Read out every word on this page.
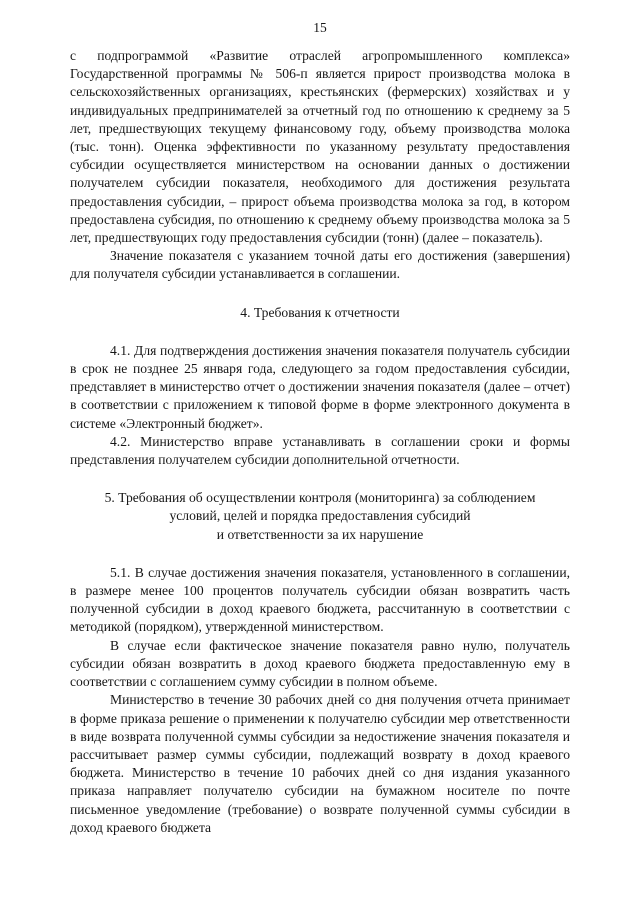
15

с подпрограммой «Развитие отраслей агропромышленного комплекса» Государственной программы № 506-п является прирост производства молока в сельскохозяйственных организациях, крестьянских (фермерских) хозяйствах и у индивидуальных предпринимателей за отчетный год по отношению к среднему за 5 лет, предшествующих текущему финансовому году, объему производства молока (тыс. тонн). Оценка эффективности по указанному результату предоставления субсидии осуществляется министерством на основании данных о достижении получателем субсидии показателя, необходимого для достижения результата предоставления субсидии, – прирост объема производства молока за год, в котором предоставлена субсидия, по отношению к среднему объему производства молока за 5 лет, предшествующих году предоставления субсидии (тонн) (далее – показатель).

Значение показателя с указанием точной даты его достижения (завершения) для получателя субсидии устанавливается в соглашении.

4. Требования к отчетности

4.1. Для подтверждения достижения значения показателя получатель субсидии в срок не позднее 25 января года, следующего за годом предоставления субсидии, представляет в министерство отчет о достижении значения показателя (далее – отчет) в соответствии с приложением к типовой форме в форме электронного документа в системе «Электронный бюджет».

4.2. Министерство вправе устанавливать в соглашении сроки и формы представления получателем субсидии дополнительной отчетности.

5. Требования об осуществлении контроля (мониторинга) за соблюдением

условий, целей и порядка предоставления субсидий

и ответственности за их нарушение

5.1. В случае достижения значения показателя, установленного в соглашении, в размере менее 100 процентов получатель субсидии обязан возвратить часть полученной субсидии в доход краевого бюджета, рассчитанную в соответствии с методикой (порядком), утвержденной министерством.

В случае если фактическое значение показателя равно нулю, получатель субсидии обязан возвратить в доход краевого бюджета предоставленную ему в соответствии с соглашением сумму субсидии в полном объеме.

Министерство в течение 30 рабочих дней со дня получения отчета принимает в форме приказа решение о применении к получателю субсидии мер ответственности в виде возврата полученной суммы субсидии за недостижение значения показателя и рассчитывает размер суммы субсидии, подлежащий возврату в доход краевого бюджета. Министерство в течение 10 рабочих дней со дня издания указанного приказа направляет получателю субсидии на бумажном носителе по почте письменное уведомление (требование) о возврате полученной суммы субсидии в доход краевого бюджета
